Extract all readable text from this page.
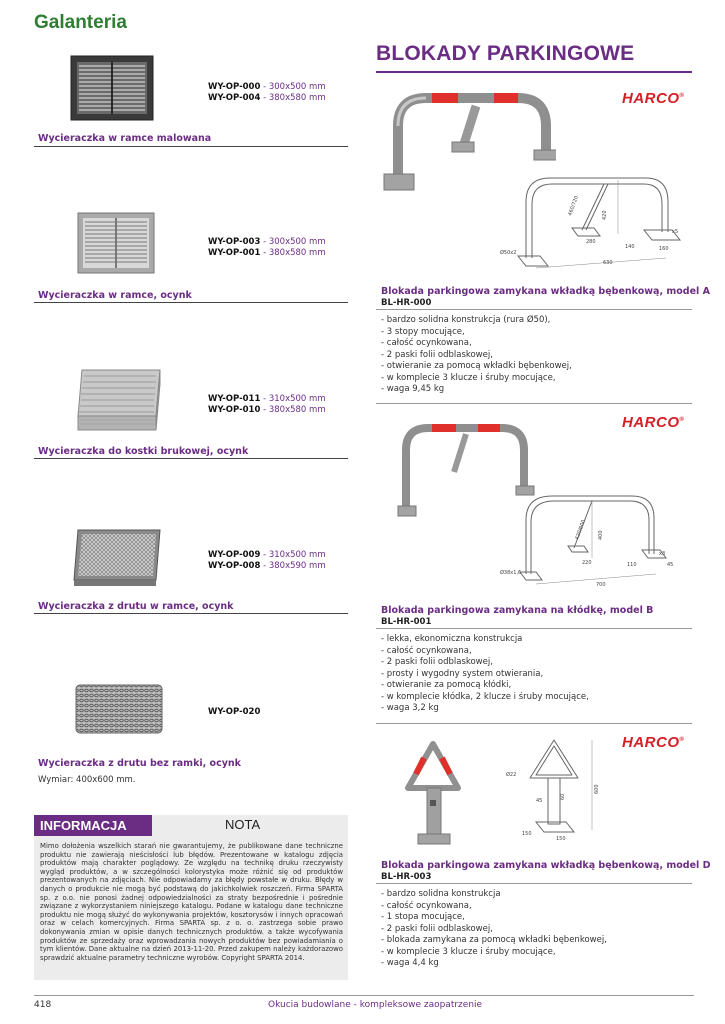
Galanteria
BLOKADY PARKINGOWE
WY-OP-000 - 300x500 mm
WY-OP-004 - 380x580 mm
Wycieraczka w ramce malowana
WY-OP-003 - 300x500 mm
WY-OP-001 - 380x580 mm
Wycieraczka w ramce, ocynk
WY-OP-011 - 310x500 mm
WY-OP-010 - 380x580 mm
Wycieraczka do kostki brukowej, ocynk
WY-OP-009 - 310x500 mm
WY-OP-008 - 380x590 mm
Wycieraczka z drutu w ramce, ocynk
WY-OP-020
Wycieraczka z drutu bez ramki, ocynk
Wymiar: 400x600 mm.
INFORMACJA	NOTA
Mimo dołożenia wszelkich starań nie gwarantujemy, że publikowane dane techniczne produktu nie zawierają nieścisłości lub błędów. Prezentowane w katalogu zdjęcia produktów mają charakter poglądowy. Ze względu na technikę druku rzeczywisty wygląd produktów, a w szczególności kolorystyka może różnić się od produktów prezentowanych na zdjęciach. Nie odpowiadamy za błędy powstałe w druku. Błędy w danych o produkcie nie mogą być podstawą do jakichkolwiek roszczeń. Firma SPARTA sp. z o.o. nie ponosi żadnej odpowiedzialności za straty bezpośrednie i pośrednie związane z wykorzystaniem niniejszego katalogu. Podane w katalogu dane techniczne produktu nie mogą służyć do wykonywania projektów, kosztorysów i innych opracowań oraz w celach komercyjnych. Firma SPARTA sp. z o. o. zastrzega sobie prawo dokonywania zmian w opisie danych technicznych produktów. a także wycofywania produktów ze sprzedaży oraz wprowadzania nowych produktów bez powiadamiania o tym klientów. Dane aktualne na dzień 2013-11-20. Przed zakupem należy każdorazowo sprawdzić aktualne parametry techniczne wyrobów. Copyright SPARTA 2014.
HARCO®
Ø50x2
460/720	420
280
140	160
630
x5
Blokada parkingowa zamykana wkładką bębenkową, model A
BL-HR-000
- bardzo solidna konstrukcja (rura Ø50),
- 3 stopy mocujące,
- całość ocynkowana,
- 2 paski folii odblaskowej,
- otwieranie za pomocą wkładki bębenkowej,
- w komplecie 3 klucze i śruby mocujące,
- waga 9,45 kg
HARCO®
Ø38x1,6
420/600 400
220	110	45
700
x3
Blokada parkingowa zamykana na kłódkę, model B
BL-HR-001
- lekka, ekonomiczna konstrukcja
- całość ocynkowana,
- 2 paski folii odblaskowej,
- prosty i wygodny system otwierania,
- otwieranie za pomocą kłódki,
- w komplecie kłódka, 2 klucze i śruby mocujące,
- waga 3,2 kg
HARCO®
Ø22
600
45
60
150
150
Blokada parkingowa zamykana wkładką bębenkową, model D
BL-HR-003
- bardzo solidna konstrukcja
- całość ocynkowana,
- 1 stopa mocujące,
- 2 paski folii odblaskowej,
- blokada zamykana za pomocą wkładki bębenkowej,
- w komplecie 3 klucze i śruby mocujące,
- waga 4,4 kg
418	Okucia budowlane - kompleksowe zaopatrzenie
